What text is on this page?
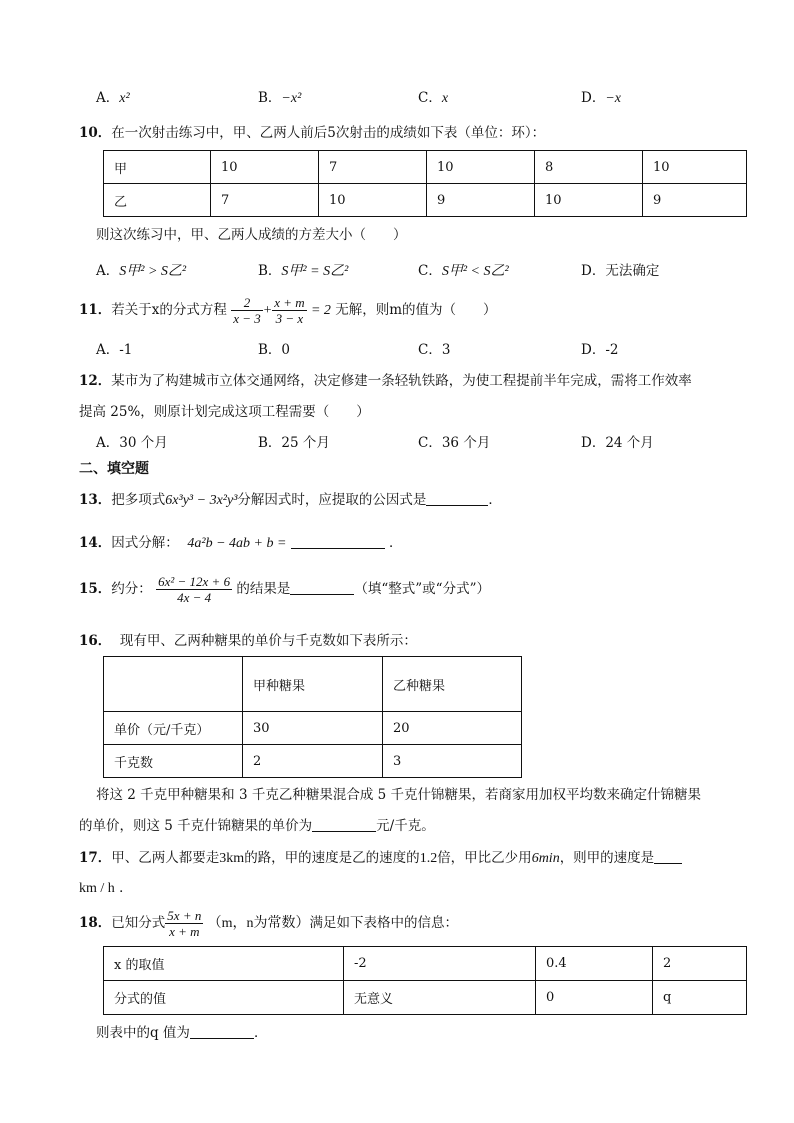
A．x²	B．−x²	C．x	D．−x
10．在一次射击练习中，甲、乙两人前后5次射击的成绩如下表（单位：环）：
甲	10	7	10	8	10
乙	7	10	9	10	9
则这次练习中，甲、乙两人成绩的方差大小（　　）
A．S甲² > S乙²	B．S甲² = S乙²	C．S甲² < S乙²	D．无法确定
11．若关于x的分式方程 $\frac{2}{x - 3} + \frac{x + m}{3 - x} = 2$ 无解，则m的值为（　　）
A．-1	B．0	C．3	D．-2
12．某市为了构建城市立体交通网络，决定修建一条轻轨铁路，为使工程提前半年完成，需将工作效率
提高 25%，则原计划完成这项工程需要（　　）
A．30 个月	B．25 个月	C．36 个月	D．24 个月
二、填空题
13．把多项式6x³y³ − 3x²y³分解因式时，应提取的公因式是	．
14．因式分解： 4a²b − 4ab + b =	．
15．约分： $\frac{\text{6x² − 12x + 6}}{4x - 4}$ 的结果是	（填“整式”或“分式”）
16． 现有甲、乙两种糖果的单价与千克数如下表所示：
	甲种糖果	乙种糖果
单价（元/千克）	30	20
千克数	2	3
将这 2 千克甲种糖果和 3 千克乙种糖果混合成 5 千克什锦糖果，若商家用加权平均数来确定什锦糖果
的单价，则这 5 千克什锦糖果的单价为	元/千克。
17．甲、乙两人都要走3km的路，甲的速度是乙的速度的1.2倍，甲比乙少用6min，则甲的速度是
km / h ．
18．已知分式 $\frac{5x + n}{x + m} (m$，n为常数）满足如下表格中的信息：
x 的取值	-2	0.4	2
分式的值	无意义	0	q
则表中的q 值为	．
